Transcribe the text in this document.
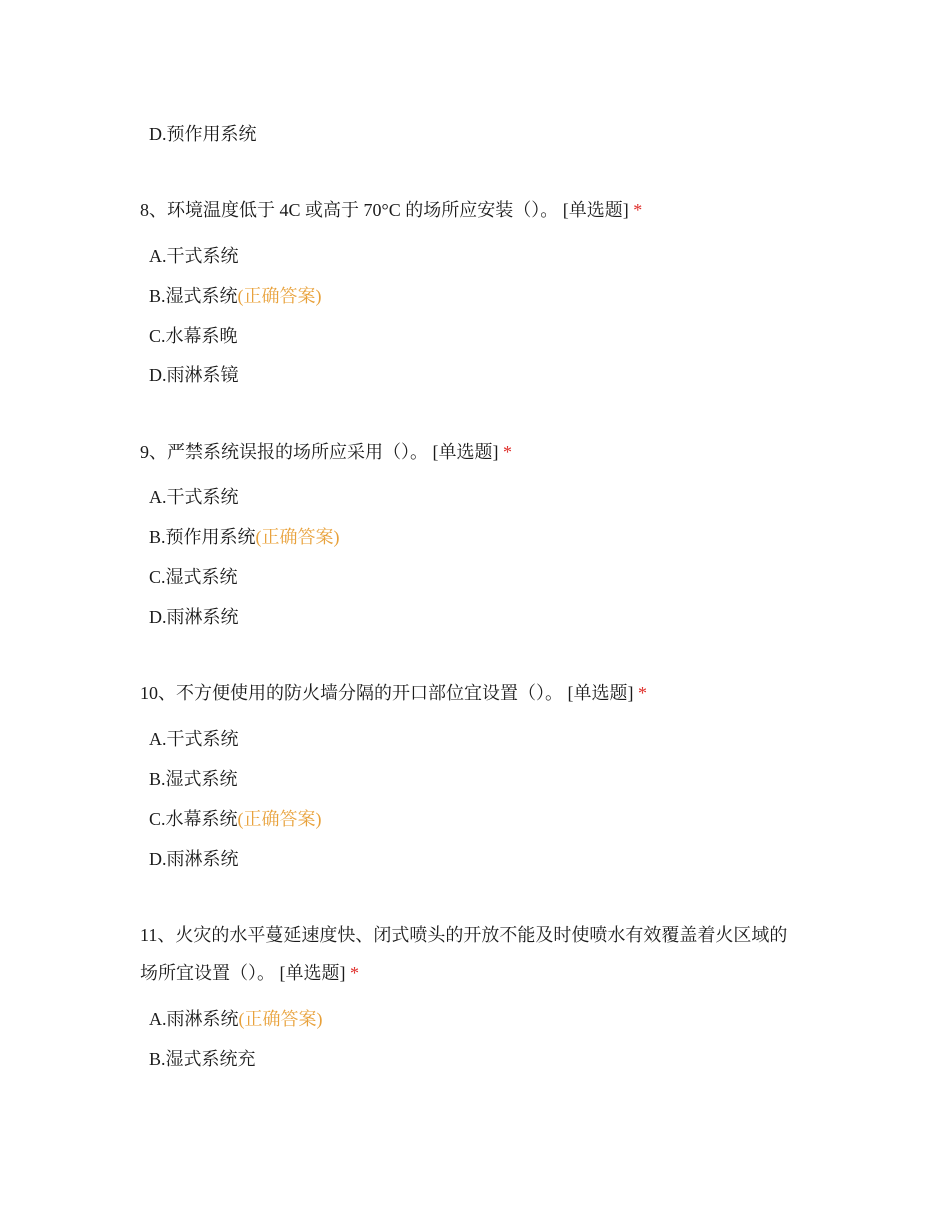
D.预作用系统
8、环境温度低于 4C 或高于 70°C 的场所应安装（）。 [单选题] *
A.干式系统
B.湿式系统(正确答案)
C.水幕系晚
D.雨淋系镜
9、严禁系统误报的场所应采用（）。 [单选题] *
A.干式系统
B.预作用系统(正确答案)
C.湿式系统
D.雨淋系统
10、不方便使用的防火墙分隔的开口部位宜设置（）。 [单选题] *
A.干式系统
B.湿式系统
C.水幕系统(正确答案)
D.雨淋系统
11、火灾的水平蔓延速度快、闭式喷头的开放不能及时使喷水有效覆盖着火区域的
场所宜设置（）。 [单选题] *
A.雨淋系统(正确答案)
B.湿式系统充
